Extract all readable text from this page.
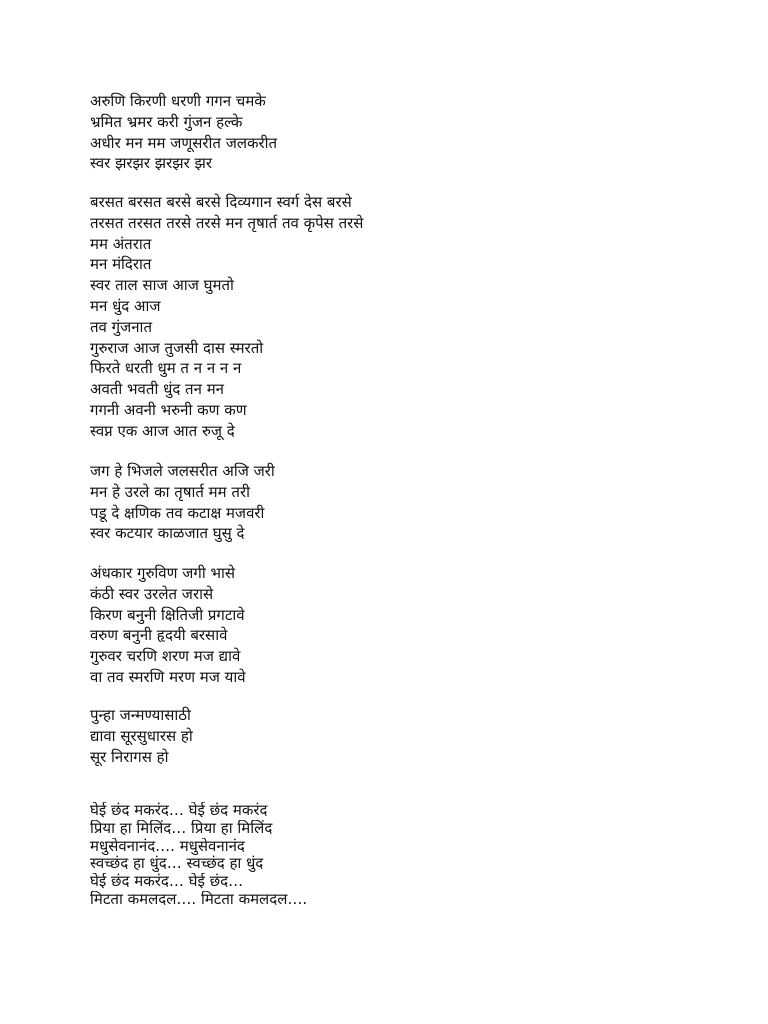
अरुणि किरणी धरणी गगन चमके
भ्रमित भ्रमर करी गुंजन हल्के
अधीर मन मम जणूसरीत जलकरीत
स्वर झरझर झरझर झर
बरसत बरसत बरसे बरसे दिव्यगान स्वर्ग देस बरसे
तरसत तरसत तरसे तरसे मन तृषार्त तव कृपेस तरसे
मम अंतरात
मन मंदिरात
स्वर ताल साज आज घुमतो
मन धुंद आज
तव गुंजनात
गुरुराज आज तुजसी दास स्मरतो
फिरते धरती धुम त न न न न
अवती भवती धुंद तन मन
गगनी अवनी भरुनी कण कण
स्वप्न एक आज आत रुजू दे
जग हे भिजले जलसरीत अजि जरी
मन हे उरले का तृषार्त मम तरी
पडू दे क्षणिक तव कटाक्ष मजवरी
स्वर कटयार काळजात घुसु दे
अंधकार गुरुविण जगी भासे
कंठी स्वर उरलेत जरासे
किरण बनुनी क्षितिजी प्रगटावे
वरुण बनुनी हृदयी बरसावे
गुरुवर चरणि शरण मज द्यावे
वा तव स्मरणि मरण मज यावे
पुन्हा जन्मण्यासाठी
द्यावा सूरसुधारस हो
सूर निरागस हो
घेई छंद मकरंद… घेई छंद मकरंद
प्रिया हा मिलिंद… प्रिया हा मिलिंद
मधुसेवनानंद…. मधुसेवनानंद
स्वच्छंद हा धुंद… स्वच्छंद हा धुंद
घेई छंद मकरंद… घेई छंद…
मिटता कमलदल…. मिटता कमलदल….
